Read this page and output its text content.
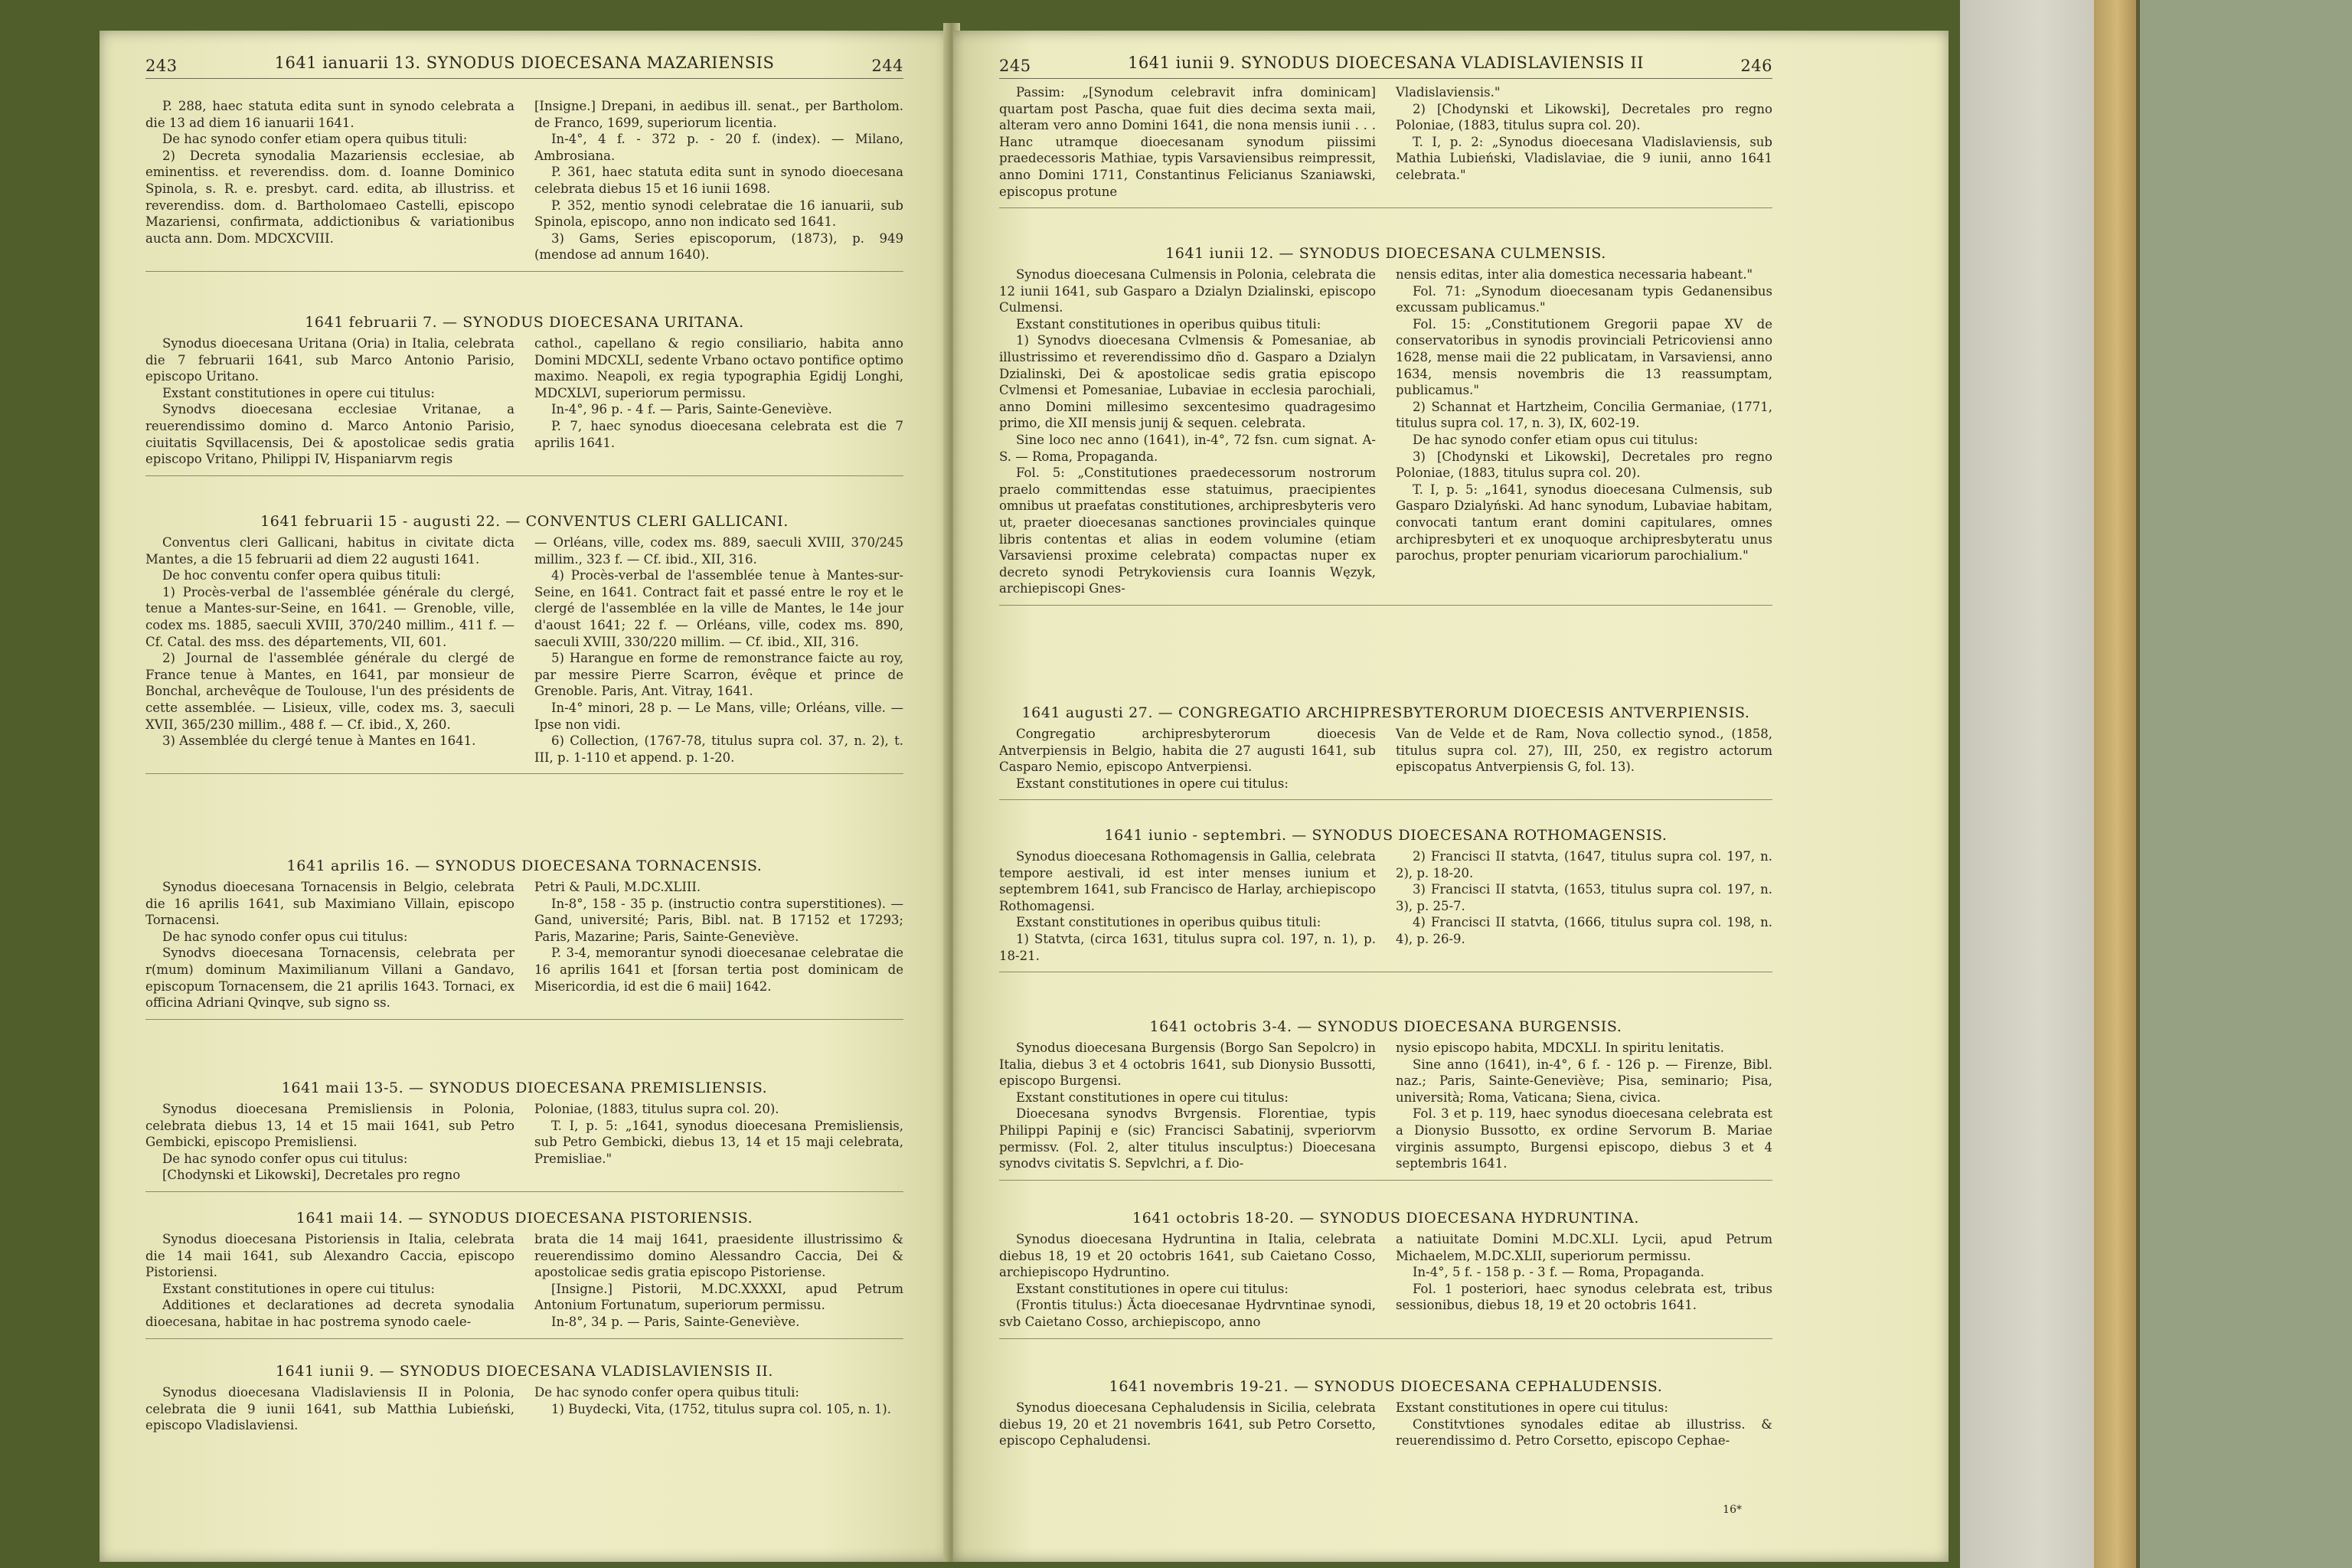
243	1641 ianuarii 13. SYNODUS DIOECESANA MAZARIENSIS	244

P. 288, haec statuta edita sunt in synodo celebrata a die 13 ad diem 16 ianuarii 1641.

De hac synodo confer etiam opera quibus tituli:

2) Decreta synodalia Mazariensis ecclesiae, ab eminentiss. et reverendiss. dom. d. Ioanne Dominico Spinola, s. R. e. presbyt. card. edita, ab illustriss. et reverendiss. dom. d. Bartholomaeo Castelli, episcopo Mazariensi, confirmata, addictionibus & variationibus aucta ann. Dom. MDCXCVIII.

[Insigne.] Drepani, in aedibus ill. senat., per Bartholom. de Franco, 1699, superiorum licentia.

In-4°, 4 f. - 372 p. - 20 f. (index). — Milano, Ambrosiana.

P. 361, haec statuta edita sunt in synodo dioecesana celebrata diebus 15 et 16 iunii 1698.

P. 352, mentio synodi celebratae die 16 ianuarii, sub Spinola, episcopo, anno non indicato sed 1641.

3) Gams, Series episcoporum, (1873), p. 949 (mendose ad annum 1640).

1641 februarii 7. — SYNODUS DIOECESANA URITANA.

Synodus dioecesana Uritana (Oria) in Italia, celebrata die 7 februarii 1641, sub Marco Antonio Parisio, episcopo Uritano.

Exstant constitutiones in opere cui titulus:

Synodvs dioecesana ecclesiae Vritanae, a reuerendissimo domino d. Marco Antonio Parisio, ciuitatis Sqvillacensis, Dei & apostolicae sedis gratia episcopo Vritano, Philippi IV, Hispaniarvm regis

cathol., capellano & regio consiliario, habita anno Domini MDCXLI, sedente Vrbano octavo pontifice optimo maximo. Neapoli, ex regia typographia Egidij Longhi, MDCXLVI, superiorum permissu.

In-4°, 96 p. - 4 f. — Paris, Sainte-Geneviève.

P. 7, haec synodus dioecesana celebrata est die 7 aprilis 1641.

1641 februarii 15 - augusti 22. — CONVENTUS CLERI GALLICANI.

Conventus cleri Gallicani, habitus in civitate dicta Mantes, a die 15 februarii ad diem 22 augusti 1641.

De hoc conventu confer opera quibus tituli:

1) Procès-verbal de l'assemblée générale du clergé, tenue a Mantes-sur-Seine, en 1641. — Grenoble, ville, codex ms. 1885, saeculi XVIII, 370/240 millim., 411 f. — Cf. Catal. des mss. des départements, VII, 601.

2) Journal de l'assemblée générale du clergé de France tenue à Mantes, en 1641, par monsieur de Bonchal, archevêque de Toulouse, l'un des présidents de cette assemblée. — Lisieux, ville, codex ms. 3, saeculi XVII, 365/230 millim., 488 f. — Cf. ibid., X, 260.

3) Assemblée du clergé tenue à Mantes en 1641.

— Orléans, ville, codex ms. 889, saeculi XVIII, 370/245 millim., 323 f. — Cf. ibid., XII, 316.

4) Procès-verbal de l'assemblée tenue à Mantes-sur-Seine, en 1641. Contract fait et passé entre le roy et le clergé de l'assemblée en la ville de Mantes, le 14e jour d'aoust 1641; 22 f. — Orléans, ville, codex ms. 890, saeculi XVIII, 330/220 millim. — Cf. ibid., XII, 316.

5) Harangue en forme de remonstrance faicte au roy, par messire Pierre Scarron, évêque et prince de Grenoble. Paris, Ant. Vitray, 1641.

In-4° minori, 28 p. — Le Mans, ville; Orléans, ville. — Ipse non vidi.

6) Collection, (1767-78, titulus supra col. 37, n. 2), t. III, p. 1-110 et append. p. 1-20.

1641 aprilis 16. — SYNODUS DIOECESANA TORNACENSIS.

Synodus dioecesana Tornacensis in Belgio, celebrata die 16 aprilis 1641, sub Maximiano Villain, episcopo Tornacensi.

De hac synodo confer opus cui titulus:

Synodvs dioecesana Tornacensis, celebrata per r(mum) dominum Maximilianum Villani a Gandavo, episcopum Tornacensem, die 21 aprilis 1643. Tornaci, ex officina Adriani Qvinqve, sub signo ss.

Petri & Pauli, M.DC.XLIII.

In-8°, 158 - 35 p. (instructio contra superstitiones). — Gand, université; Paris, Bibl. nat. B 17152 et 17293; Paris, Mazarine; Paris, Sainte-Geneviève.

P. 3-4, memorantur synodi dioecesanae celebratae die 16 aprilis 1641 et [forsan tertia post dominicam de Misericordia, id est die 6 maii] 1642.

1641 maii 13-5. — SYNODUS DIOECESANA PREMISLIENSIS.

Synodus dioecesana Premisliensis in Polonia, celebrata diebus 13, 14 et 15 maii 1641, sub Petro Gembicki, episcopo Premisliensi.

De hac synodo confer opus cui titulus:

[Chodynski et Likowski], Decretales pro regno

Poloniae, (1883, titulus supra col. 20).

T. I, p. 5: „1641, synodus dioecesana Premisliensis, sub Petro Gembicki, diebus 13, 14 et 15 maji celebrata, Premisliae."

1641 maii 14. — SYNODUS DIOECESANA PISTORIENSIS.

Synodus dioecesana Pistoriensis in Italia, celebrata die 14 maii 1641, sub Alexandro Caccia, episcopo Pistoriensi.

Exstant constitutiones in opere cui titulus:

Additiones et declarationes ad decreta synodalia dioecesana, habitae in hac postrema synodo caele-

brata die 14 maij 1641, praesidente illustrissimo & reuerendissimo domino Alessandro Caccia, Dei & apostolicae sedis gratia episcopo Pistoriense.

[Insigne.] Pistorii, M.DC.XXXXI, apud Petrum Antonium Fortunatum, superiorum permissu.

In-8°, 34 p. — Paris, Sainte-Geneviève.

1641 iunii 9. — SYNODUS DIOECESANA VLADISLAVIENSIS II.

Synodus dioecesana Vladislaviensis II in Polonia, celebrata die 9 iunii 1641, sub Matthia Lubieński, episcopo Vladislaviensi.

De hac synodo confer opera quibus tituli:

1) Buydecki, Vita, (1752, titulus supra col. 105, n. 1).

245	1641 iunii 9. SYNODUS DIOECESANA VLADISLAVIENSIS II	246

Passim: „[Synodum celebravit infra dominicam] quartam post Pascha, quae fuit dies decima sexta maii, alteram vero anno Domini 1641, die nona mensis iunii . . . Hanc utramque dioecesanam synodum piissimi praedecessoris Mathiae, typis Varsaviensibus reimpressit, anno Domini 1711, Constantinus Felicianus Szaniawski, episcopus protune

Vladislaviensis."

2) [Chodynski et Likowski], Decretales pro regno Poloniae, (1883, titulus supra col. 20).

T. I, p. 2: „Synodus dioecesana Vladislaviensis, sub Mathia Lubieński, Vladislaviae, die 9 iunii, anno 1641 celebrata."

1641 iunii 12. — SYNODUS DIOECESANA CULMENSIS.

Synodus dioecesana Culmensis in Polonia, celebrata die 12 iunii 1641, sub Gasparo a Dzialyn Dzialinski, episcopo Culmensi.

Exstant constitutiones in operibus quibus tituli:

1) Synodvs dioecesana Cvlmensis & Pomesaniae, ab illustrissimo et reverendissimo dño d. Gasparo a Dzialyn Dzialinski, Dei & apostolicae sedis gratia episcopo Cvlmensi et Pomesaniae, Lubaviae in ecclesia parochiali, anno Domini millesimo sexcentesimo quadragesimo primo, die XII mensis junij & sequen. celebrata.

Sine loco nec anno (1641), in-4°, 72 fsn. cum signat. A-S. — Roma, Propaganda.

Fol. 5: „Constitutiones praedecessorum nostrorum praelo committendas esse statuimus, praecipientes omnibus ut praefatas constitutiones, archipresbyteris vero ut, praeter dioecesanas sanctiones provinciales quinque libris contentas et alias in eodem volumine (etiam Varsaviensi proxime celebrata) compactas nuper ex decreto synodi Petrykoviensis cura Ioannis Węzyk, archiepiscopi Gnes-

nensis editas, inter alia domestica necessaria habeant."

Fol. 71: „Synodum dioecesanam typis Gedanensibus excussam publicamus."

Fol. 15: „Constitutionem Gregorii papae XV de conservatoribus in synodis provinciali Petricoviensi anno 1628, mense maii die 22 publicatam, in Varsaviensi, anno 1634, mensis novembris die 13 reassumptam, publicamus."

2) Schannat et Hartzheim, Concilia Germaniae, (1771, titulus supra col. 17, n. 3), IX, 602-19.

De hac synodo confer etiam opus cui titulus:

3) [Chodynski et Likowski], Decretales pro regno Poloniae, (1883, titulus supra col. 20).

T. I, p. 5: „1641, synodus dioecesana Culmensis, sub Gasparo Dzialyński. Ad hanc synodum, Lubaviae habitam, convocati tantum erant domini capitulares, omnes archipresbyteri et ex unoquoque archipresbyteratu unus parochus, propter penuriam vicariorum parochialium."

1641 augusti 27. — CONGREGATIO ARCHIPRESBYTERORUM DIOECESIS ANTVERPIENSIS.

Congregatio archipresbyterorum dioecesis Antverpiensis in Belgio, habita die 27 augusti 1641, sub Casparo Nemio, episcopo Antverpiensi.

Exstant constitutiones in opere cui titulus:

Van de Velde et de Ram, Nova collectio synod., (1858, titulus supra col. 27), III, 250, ex registro actorum episcopatus Antverpiensis G, fol. 13).

1641 iunio - septembri. — SYNODUS DIOECESANA ROTHOMAGENSIS.

Synodus dioecesana Rothomagensis in Gallia, celebrata tempore aestivali, id est inter menses iunium et septembrem 1641, sub Francisco de Harlay, archiepiscopo Rothomagensi.

Exstant constitutiones in operibus quibus tituli:

1) Statvta, (circa 1631, titulus supra col. 197, n. 1), p. 18-21.

2) Francisci II statvta, (1647, titulus supra col. 197, n. 2), p. 18-20.

3) Francisci II statvta, (1653, titulus supra col. 197, n. 3), p. 25-7.

4) Francisci II statvta, (1666, titulus supra col. 198, n. 4), p. 26-9.

1641 octobris 3-4. — SYNODUS DIOECESANA BURGENSIS.

Synodus dioecesana Burgensis (Borgo San Sepolcro) in Italia, diebus 3 et 4 octobris 1641, sub Dionysio Bussotti, episcopo Burgensi.

Exstant constitutiones in opere cui titulus:

Dioecesana synodvs Bvrgensis. Florentiae, typis Philippi Papinij e (sic) Francisci Sabatinij, svperiorvm permissv. (Fol. 2, alter titulus insculptus:) Dioecesana synodvs civitatis S. Sepvlchri, a f. Dio-

nysio episcopo habita, MDCXLI. In spiritu lenitatis.

Sine anno (1641), in-4°, 6 f. - 126 p. — Firenze, Bibl. naz.; Paris, Sainte-Geneviève; Pisa, seminario; Pisa, università; Roma, Vaticana; Siena, civica.

Fol. 3 et p. 119, haec synodus dioecesana celebrata est a Dionysio Bussotto, ex ordine Servorum B. Mariae virginis assumpto, Burgensi episcopo, diebus 3 et 4 septembris 1641.

1641 octobris 18-20. — SYNODUS DIOECESANA HYDRUNTINA.

Synodus dioecesana Hydruntina in Italia, celebrata diebus 18, 19 et 20 octobris 1641, sub Caietano Cosso, archiepiscopo Hydruntino.

Exstant constitutiones in opere cui titulus:

(Frontis titulus:) Ăcta dioecesanae Hydrvntinae synodi, svb Caietano Cosso, archiepiscopo, anno

a natiuitate Domini M.DC.XLI. Lycii, apud Petrum Michaelem, M.DC.XLII, superiorum permissu.

In-4°, 5 f. - 158 p. - 3 f. — Roma, Propaganda.

Fol. 1 posteriori, haec synodus celebrata est, tribus sessionibus, diebus 18, 19 et 20 octobris 1641.

1641 novembris 19-21. — SYNODUS DIOECESANA CEPHALUDENSIS.

Synodus dioecesana Cephaludensis in Sicilia, celebrata diebus 19, 20 et 21 novembris 1641, sub Petro Corsetto, episcopo Cephaludensi.

Exstant constitutiones in opere cui titulus:

Constitvtiones synodales editae ab illustriss. & reuerendissimo d. Petro Corsetto, episcopo Cephae-

16*
